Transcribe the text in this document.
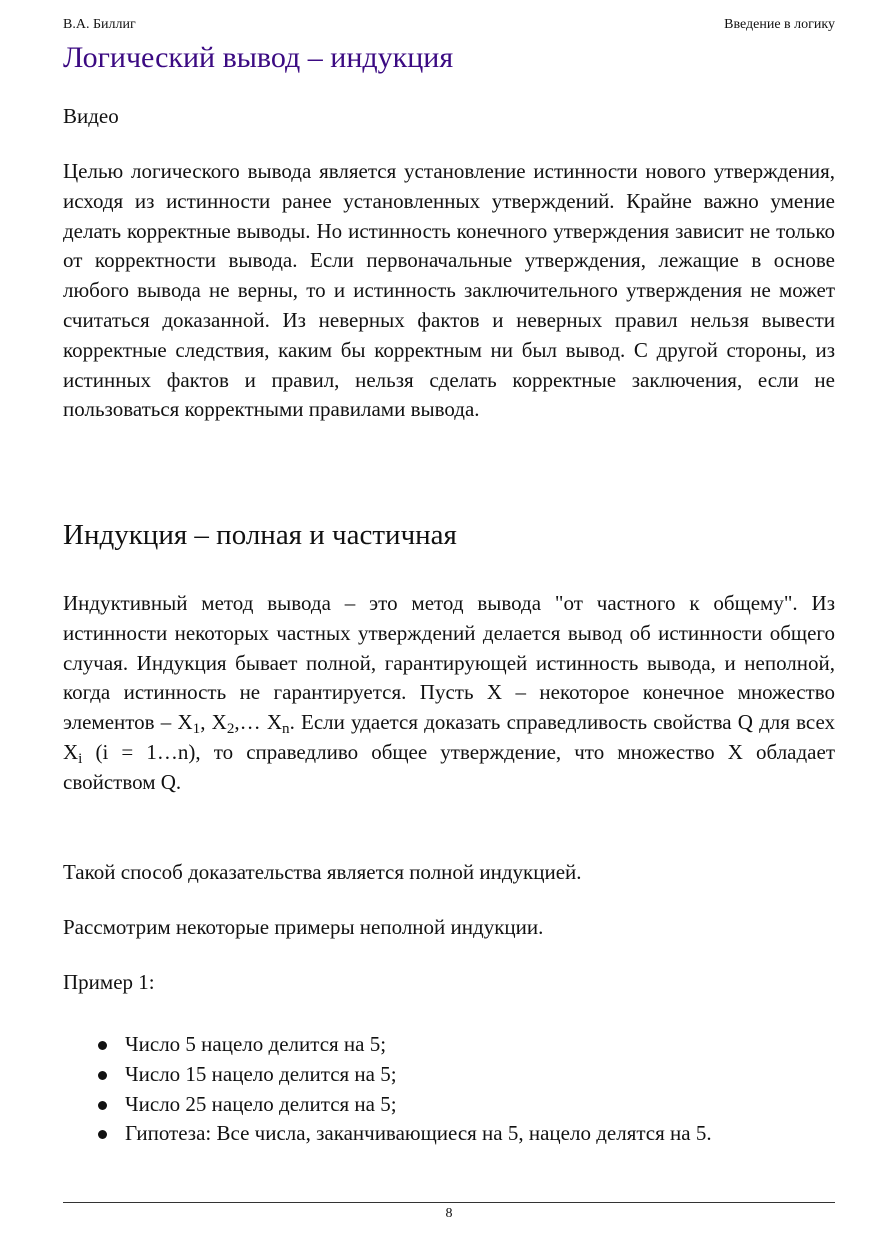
В.А. Биллиг	Введение в логику
Логический вывод – индукция

Видео

Целью логического вывода является установление истинности нового утверждения, исходя из истинности ранее установленных утверждений. Крайне важно умение делать корректные выводы. Но истинность конечного утверждения зависит не только от корректности вывода. Если первоначальные утверждения, лежащие в основе любого вывода не верны, то и истинность заключительного утверждения не может считаться доказанной. Из неверных фактов и неверных правил нельзя вывести корректные следствия, каким бы корректным ни был вывод. С другой стороны, из истинных фактов и правил, нельзя сделать корректные заключения, если не пользоваться корректными правилами вывода.

Индукция – полная и частичная

Индуктивный метод вывода – это метод вывода "от частного к общему". Из истинности некоторых частных утверждений делается вывод об истинности общего случая. Индукция бывает полной, гарантирующей истинность вывода, и неполной, когда истинность не гарантируется. Пусть X – некоторое конечное множество элементов – $X_1$, $X_2,\dots$ $X_n$. Если удается доказать справедливость свойства Q для всех $X_i$ (i = 1…n), то справедливо общее утверждение, что множество X обладает свойством Q.

Такой способ доказательства является полной индукцией.

Рассмотрим некоторые примеры неполной индукции.

Пример 1:

Число 5 нацело делится на 5;
Число 15 нацело делится на 5;
Число 25 нацело делится на 5;
Гипотеза: Все числа, заканчивающиеся на 5, нацело делятся на 5.
8
